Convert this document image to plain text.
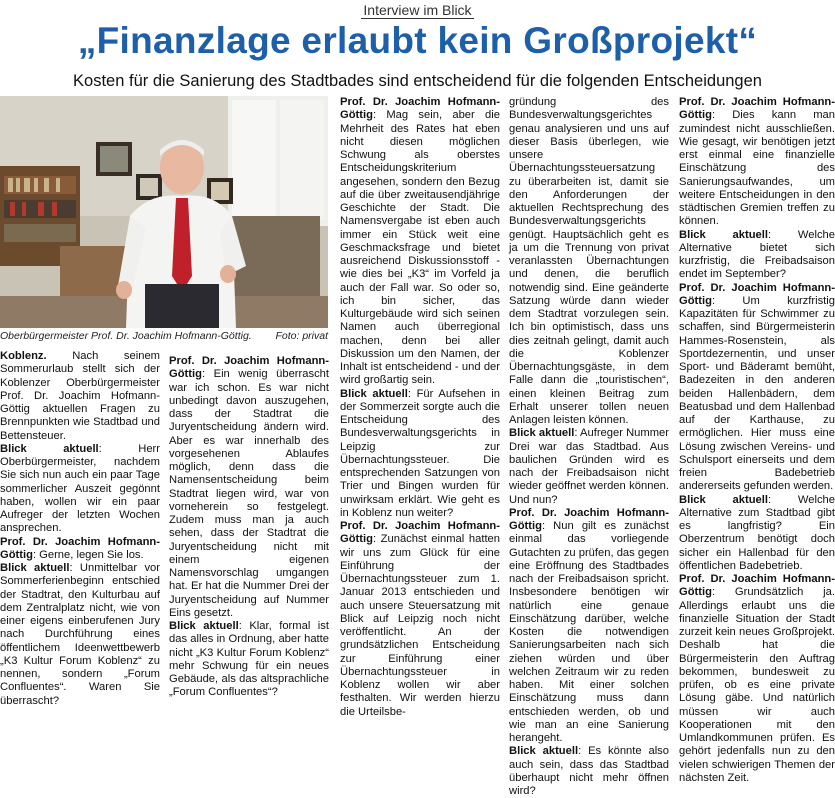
Interview im Blick
„Finanzlage erlaubt kein Großprojekt“
Kosten für die Sanierung des Stadtbades sind entscheidend für die folgenden Entscheidungen
Oberbürgermeister Prof. Dr. Joachim Hofmann-Göttig. Foto: privat

Koblenz. Nach seinem Sommerurlaub stellt sich der Koblenzer Oberbürgermeister Prof. Dr. Joachim Hofmann-Göttig aktuellen Fragen zu Brennpunkten wie Stadtbad und Bettensteuer.

Blick aktuell: Herr Oberbürgermeister, nachdem Sie sich nun auch ein paar Tage sommerlicher Auszeit gegönnt haben, wollen wir ein paar Aufreger der letzten Wochen ansprechen.

Prof. Dr. Joachim Hofmann-Göttig: Gerne, legen Sie los.

Blick aktuell: Unmittelbar vor Sommerferienbeginn entschied der Stadtrat, den Kulturbau auf dem Zentralplatz nicht, wie von einer eigens einberufenen Jury nach Durchführung eines öffentlichem Ideenwettbewerb „K3 Kultur Forum Koblenz“ zu nennen, sondern „Forum Confluentes“. Waren Sie überrascht?

Prof. Dr. Joachim Hofmann-Göttig: Ein wenig überrascht war ich schon. Es war nicht unbedingt davon auszugehen, dass der Stadtrat die Juryentscheidung ändern wird. Aber es war innerhalb des vorgesehenen Ablaufes möglich, denn dass die Namensentscheidung beim Stadtrat liegen wird, war von vorneherein so festgelegt. Zudem muss man ja auch sehen, dass der Stadtrat die Juryentscheidung nicht mit einem eigenen Namensvorschlag umgangen hat. Er hat die Nummer Drei der Juryentscheidung auf Nummer Eins gesetzt.

Blick aktuell: Klar, formal ist das alles in Ordnung, aber hatte nicht „K3 Kultur Forum Koblenz“ mehr Schwung für ein neues Gebäude, als das altsprachliche „Forum Confluentes“?

Prof. Dr. Joachim Hofmann-Göttig: Mag sein, aber die Mehrheit des Rates hat eben nicht diesen möglichen Schwung als oberstes Entscheidungskriterium angesehen, sondern den Bezug auf die über zweitausendjährige Geschichte der Stadt. Die Namensvergabe ist eben auch immer ein Stück weit eine Geschmacksfrage und bietet ausreichend Diskussionsstoff - wie dies bei „K3“ im Vorfeld ja auch der Fall war. So oder so, ich bin sicher, das Kulturgebäude wird sich seinen Namen auch überregional machen, denn bei aller Diskussion um den Namen, der Inhalt ist entscheidend - und der wird großartig sein.

Blick aktuell: Für Aufsehen in der Sommerzeit sorgte auch die Entscheidung des Bundesverwaltungsgerichts in Leipzig zur Übernachtungssteuer. Die entsprechenden Satzungen von Trier und Bingen wurden für unwirksam erklärt. Wie geht es in Koblenz nun weiter?

Prof. Dr. Joachim Hofmann-Göttig: Zunächst einmal hatten wir uns zum Glück für eine Einführung der Übernachtungssteuer zum 1. Januar 2013 entschieden und auch unsere Steuersatzung mit Blick auf Leipzig noch nicht veröffentlicht. An der grundsätzlichen Entscheidung zur Einführung einer Übernachtungssteuer in Koblenz wollen wir aber festhalten. Wir werden hierzu die Urteilsbe-

gründung des Bundesverwaltungsgerichtes genau analysieren und uns auf dieser Basis überlegen, wie unsere Übernachtungssteuersatzung zu überarbeiten ist, damit sie den Anforderungen der aktuellen Rechtsprechung des Bundesverwaltungsgerichts genügt. Hauptsächlich geht es ja um die Trennung von privat veranlassten Übernachtungen und denen, die beruflich notwendig sind. Eine geänderte Satzung würde dann wieder dem Stadtrat vorzulegen sein. Ich bin optimistisch, dass uns dies zeitnah gelingt, damit auch die Koblenzer Übernachtungsgäste, in dem Falle dann die „touristischen“, einen kleinen Beitrag zum Erhalt unserer tollen neuen Anlagen leisten können.

Blick aktuell: Aufreger Nummer Drei war das Stadtbad. Aus baulichen Gründen wird es nach der Freibadsaison nicht wieder geöffnet werden können. Und nun?

Prof. Dr. Joachim Hofmann-Göttig: Nun gilt es zunächst einmal das vorliegende Gutachten zu prüfen, das gegen eine Eröffnung des Stadtbades nach der Freibadsaison spricht. Insbesondere benötigen wir natürlich eine genaue Einschätzung darüber, welche Kosten die notwendigen Sanierungsarbeiten nach sich ziehen würden und über welchen Zeitraum wir zu reden haben. Mit einer solchen Einschätzung muss dann entschieden werden, ob und wie man an eine Sanierung herangeht.

Blick aktuell: Es könnte also auch sein, dass das Stadtbad überhaupt nicht mehr öffnen wird?

Prof. Dr. Joachim Hofmann-Göttig: Dies kann man zumindest nicht ausschließen. Wie gesagt, wir benötigen jetzt erst einmal eine finanzielle Einschätzung des Sanierungsaufwandes, um weitere Entscheidungen in den städtischen Gremien treffen zu können.

Blick aktuell: Welche Alternative bietet sich kurzfristig, die Freibadsaison endet im September?

Prof. Dr. Joachim Hofmann-Göttig: Um kurzfristig Kapazitäten für Schwimmer zu schaffen, sind Bürgermeisterin Hammes-Rosenstein, als Sportdezernentin, und unser Sport- und Bäderamt bemüht, Badezeiten in den anderen beiden Hallenbädern, dem Beatusbad und dem Hallenbad auf der Karthause, zu ermöglichen. Hier muss eine Lösung zwischen Vereins- und Schulsport einerseits und dem freien Badebetrieb andererseits gefunden werden.

Blick aktuell: Welche Alternative zum Stadtbad gibt es langfristig? Ein Oberzentrum benötigt doch sicher ein Hallenbad für den öffentlichen Badebetrieb.

Prof. Dr. Joachim Hofmann-Göttig: Grundsätzlich ja. Allerdings erlaubt uns die finanzielle Situation der Stadt zurzeit kein neues Großprojekt. Deshalb hat die Bürgermeisterin den Auftrag bekommen, bundesweit zu prüfen, ob es eine private Lösung gäbe. Und natürlich müssen wir auch Kooperationen mit den Umlandkommunen prüfen. Es gehört jedenfalls nun zu den vielen schwierigen Themen der nächsten Zeit.
